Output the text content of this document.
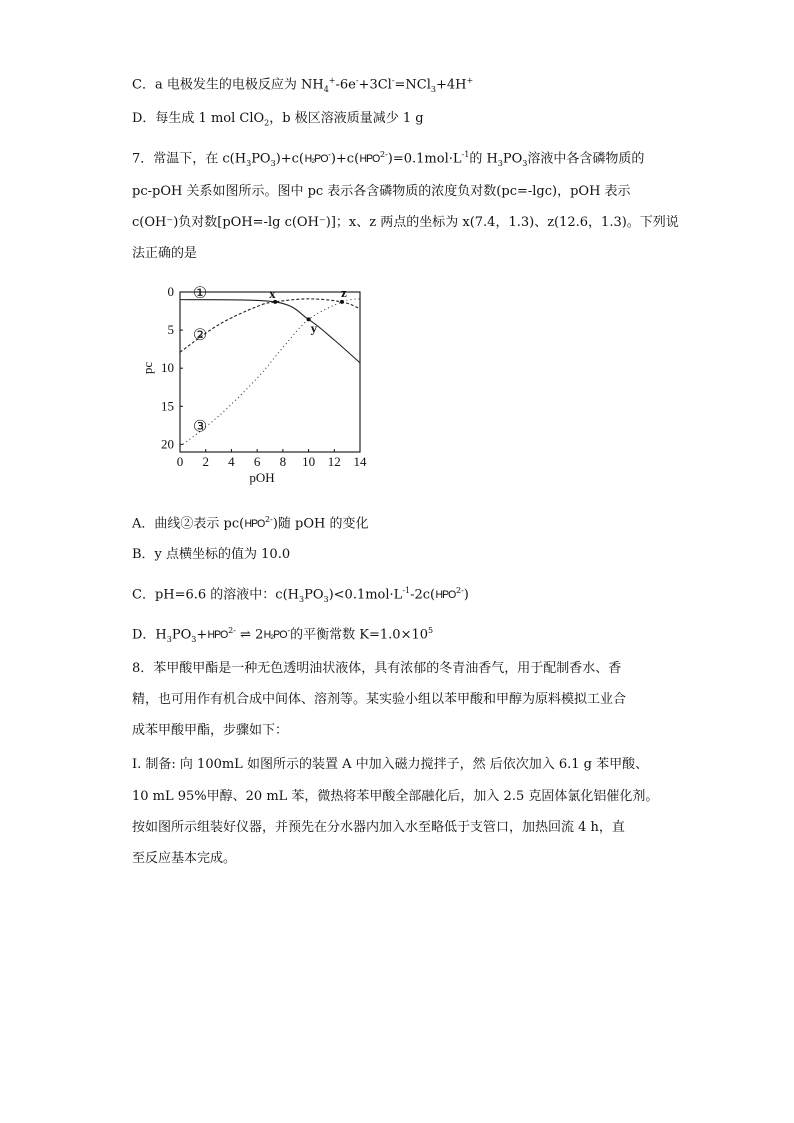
C．a 电极发生的电极反应为 $NH_4^+-6e^-+3Cl^-=NCl_3+4H^+$
D．每生成 1 mol ClO$_2$，b 极区溶液质量减少 1 g
7．常温下，在 $c(H_3PO_3)+c(H_2PO^-)+c(HPO^{2-})=0.1mol\cdot L^{-1}$的 $H_3PO_3$溶液中各含磷物质的
pc-pOH 关系如图所示。图中 pc 表示各含磷物质的浓度负对数(pc=-lgc)，pOH 表示
c(OH⁻)负对数[pOH=-lg c(OH⁻)]；x、z 两点的坐标为 x(7.4，1.3)、z(12.6，1.3)。下列说
法正确的是
0 2 4 6 8 10 12 14
0
5
10
15
20
pOH
pc
①
②
③
x
y
z
A．曲线②表示 $pc(HPO^{2-})$随 pOH 的变化
B．y 点横坐标的值为 10.0
C．pH=6.6 的溶液中：$c(H_3PO_3)<0.1mol\cdot L^{-1}-2c(HPO^{2-})$
D．$H_3PO_3+HPO^{2-}$ ⇌ 2H₂PO-的平衡常数 $K=1.0\times 10^5$
8．苯甲酸甲酯是一种无色透明油状液体，具有浓郁的冬青油香气，用于配制香水、香
精，也可用作有机合成中间体、溶剂等。某实验小组以苯甲酸和甲醇为原料模拟工业合
成苯甲酸甲酯，步骤如下：
I. 制备: 向 100mL 如图所示的装置 A 中加入磁力搅拌子，然 后依次加入 6.1 g 苯甲酸、
10 mL 95%甲醇、20 mL 苯，微热将苯甲酸全部融化后，加入 2.5 克固体氯化铝催化剂。
按如图所示组装好仪器，并预先在分水器内加入水至略低于支管口，加热回流 4 h，直
至反应基本完成。
